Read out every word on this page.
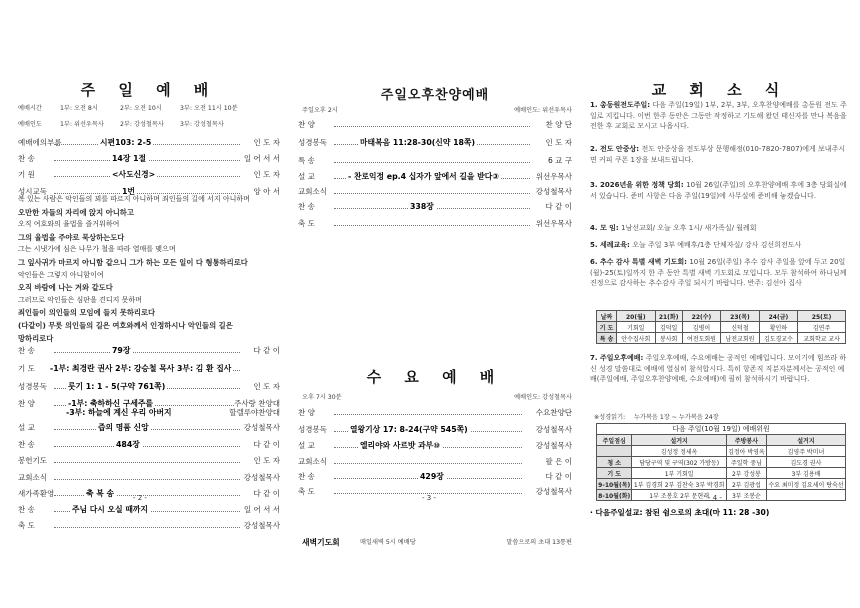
주 일 예 배
예배시간	1부: 오전 8시	2부: 오전 10시	3부: 오전 11시 10분
예배인도	1부: 위선우목사	2부: 강성철목사	3부: 강성철목사
예배에의부름	시편103: 2-5	인 도 자
찬 송	14장 1절	일 어 서 서
기 원	<사도신경>	인 도 자
성시교독	1번	앙 아 서
복 있는 사람은 악인들의 꾀를 따르지 아니하며 죄인들의 길에 서지 아니하며
오만한 자들의 자리에 앉지 아니하고
오직 여호와의 율법을 즐거워하여
그의 율법을 주야로 묵상하는도다
그는 시냇가에 심은 나무가 철을 따라 열매를 맺으며
그 잎사귀가 마르지 아니함 같으니 그가 하는 모든 일이 다 형통하리로다
악인들은 그렇지 아니함이여
오직 바람에 나는 겨와 같도다
그러므로 악인들은 심판을 견디지 못하며
죄인들이 의인들의 모임에 들지 못하리로다
(다같이) 무릇 의인들의 길은 여호와께서 인정하시나 악인들의 길은
망하리로다
찬 송	79장	다 같 이
기 도 -1부: 최경란 권사 2부: 강승철 목사 3부: 김 환 집사
성경봉독	룻기 1: 1 - 5(구약 761쪽)	인 도 자
찬 양	-1부: 축하하신 구세주를	주사랑 찬양대
-3부: 하늘에 계신 우리 아버지	할렐루야찬양대
설 교	즙의 명품 신앙	강성철목사
찬 송	484장	다 같 이
봉헌기도	인 도 자
교회소식	강성철목사
새가족환영	축 복 송	다 같 이
찬 송	주님 다시 오실 때까지	일 어 서 서
축 도	강성철목사
- 2 -
주일오후찬양예배
주일오후 2시	예배인도: 위선우목사
찬 양	찬 양 단
성경봉독	마태복음 11:28-30(신약 18쪽)	인 도 자
특 송	6 교 구
설 교	- 찬로익정 ep.4 십자가 앞에서 길을 받다③	위선우목사
교회소식	강성철목사
찬 송	338장	다 같 이
축 도	위선우목사
수 요 예 배
오후 7시 30분	예배인도: 강성철목사
찬 양	수요찬양단
성경봉독	열왕기상 17: 8-24(구약 545쪽)	강성철목사
설 교	엘리야와 사르밧 과부⑩	강성철목사
교회소식	팔 은 이
찬 송	429장	다 같 이
축 도	강성철목사
새벽기도회	매일새벽 5시 예배당	말씀으로의 초대 13통편
- 3 -
교 회 소 식
1. 총동원전도주일: 다음 주일(19일) 1부, 2부, 3부, 오후찬양예배를 총동원 전도 주일로 지킵니다. 이번 한주 동안은 그동안 작정하고 기도해 왔던 태신자를 만나 복음을 전한 후 교회로 모시고 나옵시다.
2. 전도 안중상: 전도 안중상을 전도부상 문행해정(010-7820-7807)에게 보내주시면 커피 쿠폰 1장을 보내드립니다.
3. 2026년을 위한 정책 당회: 10월 26일(주일)의 오후찬양예배 후에 3층 당회실에서 있습니다. 준비 사항은 다음 주일(19일)에 사무실에 준비해 놓겠습니다.
4. 모 임: 1남선교회/ 오늘 오후 1시/ 새가족실/ 월례회
5. 세례교육: 오늘 주일 3부 예배후/1층 단체자실/ 강사 김선희전도사
6. 추수 감사 특별 새벽 기도회: 10월 26일(주일) 추수 감사 주일을 앞에 두고 20일(월)-25(토)일까지 한 주 동안 특별 새벽 기도회로 모입니다. 모두 참석하여 하나님께 진정으로 감사하는 추수감사 주일 되시기 바랍니다. 반주: 김선아 집사
7. 주일오후예배: 주일오후예배, 수요예배는 공적인 예배입니다. 모이기에 힘쓰라 하신 성경 말씀대로 예배에 열심히 참석합시다. 특히 항존직 직분자분께서는 공적인 예배(주일예배, 주일오후찬양예배, 수요예배)에 필히 참석하시기 바랍니다.
날짜	20(월)	21(화)	22(수)	23(목)	24(금)	25(토)
기 도	기회일	김덕일	김병이	신덕철	황인하	김연주
특 송	안수집사회	봉사회	여전도회원	남전교회원	김도경교수	교회학교 교사
※성경읽기: 누가복음 1장 ~ 누가복음 24장
다음 주일(10월 19일) 예배위원			
주일점심	설거지	주방봉사	설거지
	김성정 정세옥	김정아 박영옥	김영주 박미녀
청 소	담당구역 및 구역(302 가방등)	주일학 중님	김도경 권사
기 도	1부 기회일	2부 강성봉	3부 김용배
9-10월(목)	1부 김경희 2부 김찬숙 3부 박경희	2부 김광섭	수요 최미정 김요세이 탕숙선
8-10월(화)	1부 조봉호 2부 문현래	3부 조봉순	
· 다음주일설교: 참된 쉼으로의 초대(마 11: 28 -30)
- 4 -
